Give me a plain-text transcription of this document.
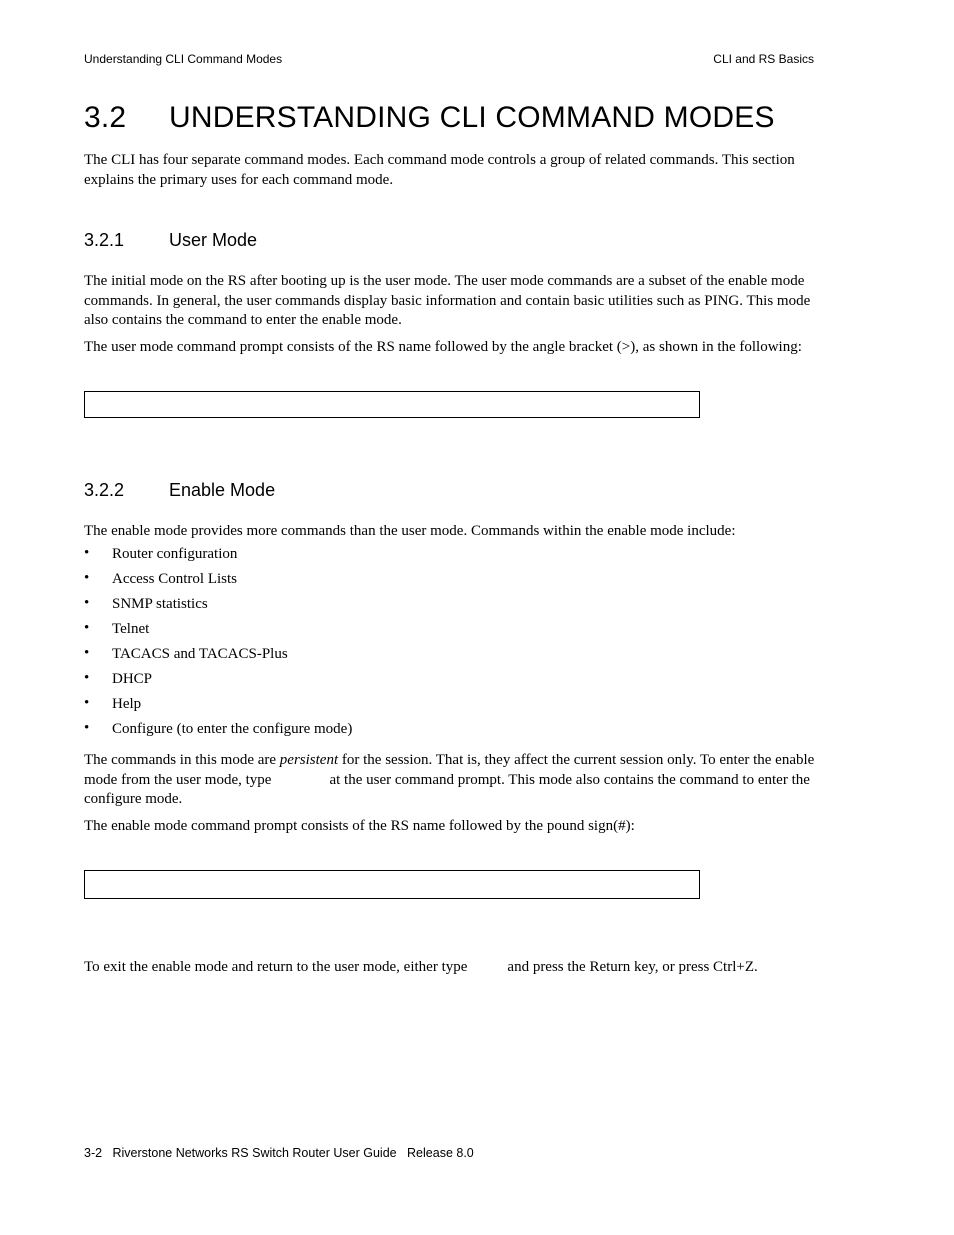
Understanding CLI Command Modes	CLI and RS Basics
3.2 UNDERSTANDING CLI COMMAND MODES
The CLI has four separate command modes. Each command mode controls a group of related commands. This section explains the primary uses for each command mode.
3.2.1 User Mode
The initial mode on the RS after booting up is the user mode. The user mode commands are a subset of the enable mode commands. In general, the user commands display basic information and contain basic utilities such as PING. This mode also contains the command to enter the enable mode.
The user mode command prompt consists of the RS name followed by the angle bracket (>), as shown in the following:
3.2.2 Enable Mode
The enable mode provides more commands than the user mode. Commands within the enable mode include:
• Router configuration
• Access Control Lists
• SNMP statistics
• Telnet
• TACACS and TACACS-Plus
• DHCP
• Help
• Configure (to enter the configure mode)
The commands in this mode are persistent for the session. That is, they affect the current session only. To enter the enable mode from the user mode, type	at the user command prompt. This mode also contains the command to enter the configure mode.
The enable mode command prompt consists of the RS name followed by the pound sign(#):
To exit the enable mode and return to the user mode, either type	and press the Return key, or press Ctrl+Z.
3-2   Riverstone Networks RS Switch Router User Guide   Release 8.0
